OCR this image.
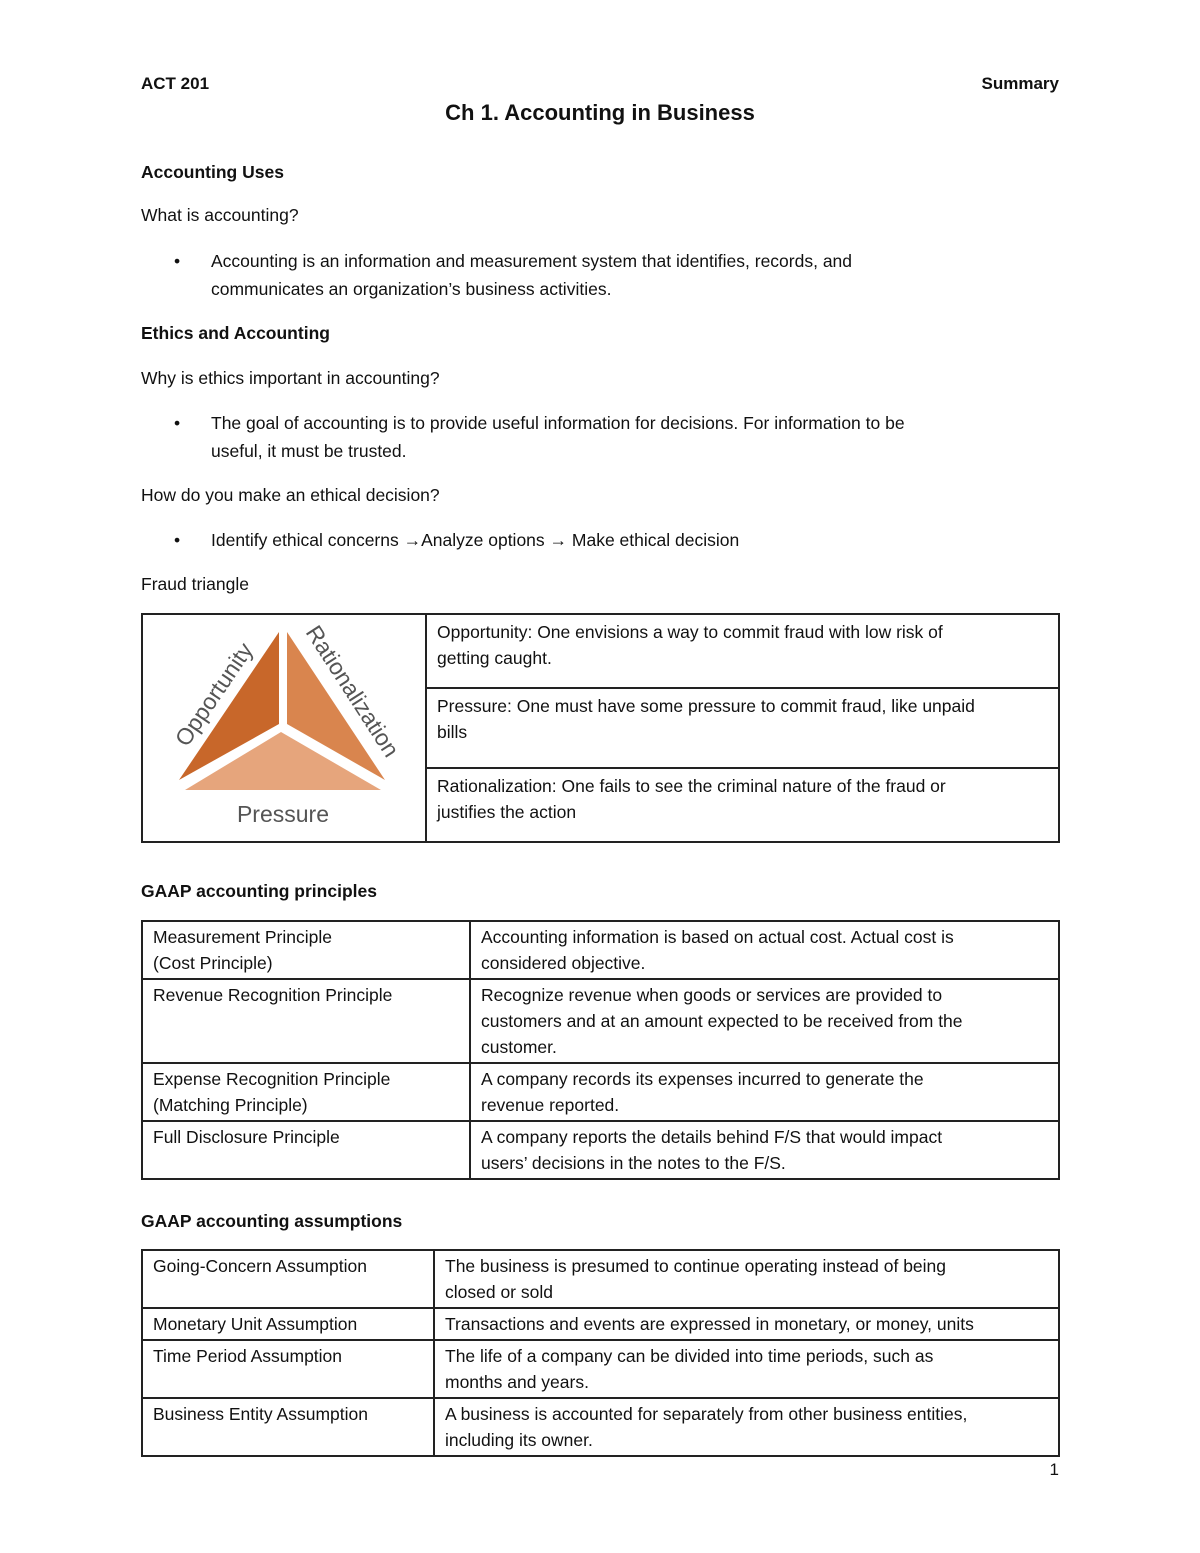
ACT 201	Summary
Ch 1. Accounting in Business
Accounting Uses
What is accounting?
• Accounting is an information and measurement system that identifies, records, and
communicates an organization’s business activities.
Ethics and Accounting
Why is ethics important in accounting?
• The goal of accounting is to provide useful information for decisions. For information to be
useful, it must be trusted.
How do you make an ethical decision?
• Identify ethical concerns →Analyze options → Make ethical decision
Fraud triangle
Opportunity
Rationalization
Pressure

Opportunity: One envisions a way to commit fraud with low risk of
getting caught.

Pressure: One must have some pressure to commit fraud, like unpaid
bills

Rationalization: One fails to see the criminal nature of the fraud or
justifies the action
GAAP accounting principles
Measurement Principle
(Cost Principle)	Accounting information is based on actual cost. Actual cost is
considered objective.

Revenue Recognition Principle	Recognize revenue when goods or services are provided to
customers and at an amount expected to be received from the
customer.

Expense Recognition Principle
(Matching Principle)	A company records its expenses incurred to generate the
revenue reported.

Full Disclosure Principle	A company reports the details behind F/S that would impact
users’ decisions in the notes to the F/S.
GAAP accounting assumptions
Going-Concern Assumption	The business is presumed to continue operating instead of being
closed or sold

Monetary Unit Assumption	Transactions and events are expressed in monetary, or money, units

Time Period Assumption	The life of a company can be divided into time periods, such as
months and years.

Business Entity Assumption	A business is accounted for separately from other business entities,
including its owner.
1
